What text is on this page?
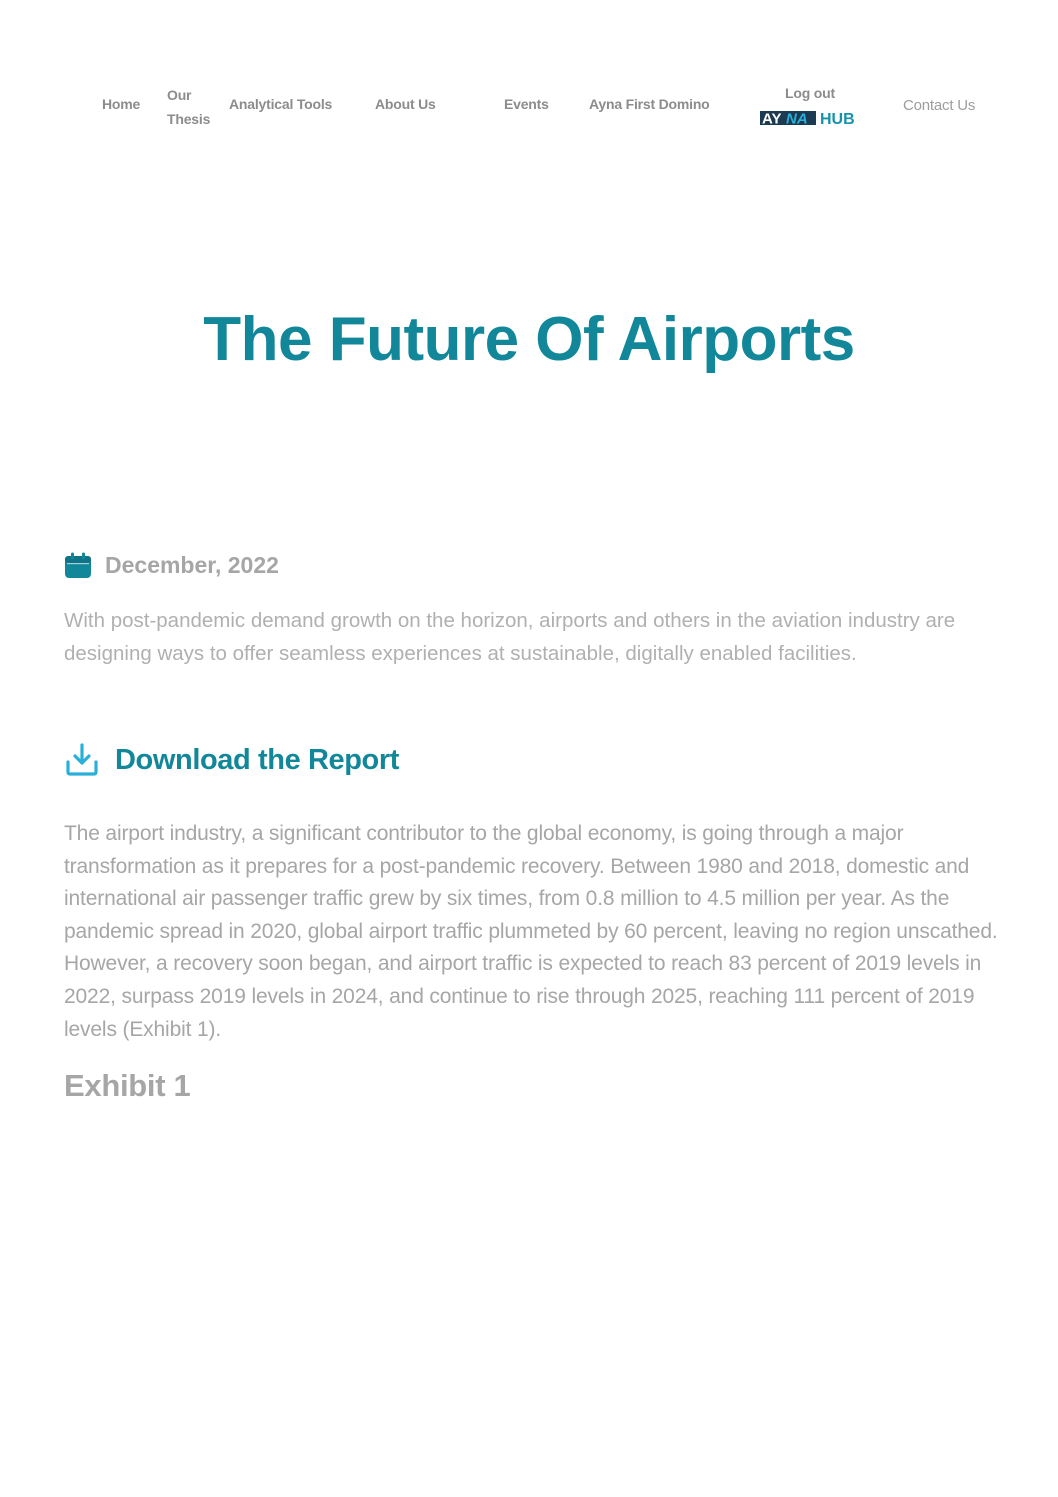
Home
Our Thesis
Analytical Tools	About Us	Events	Ayna First Domino
Log out
AY NA HUB
Contact Us
The Future Of Airports
December, 2022

With post-pandemic demand growth on the horizon, airports and others in the aviation industry are designing ways to offer seamless experiences at sustainable, digitally enabled facilities.

Download the Report

The airport industry, a significant contributor to the global economy, is going through a major transformation as it prepares for a post-pandemic recovery. Between 1980 and 2018, domestic and international air passenger traffic grew by six times, from 0.8 million to 4.5 million per year. As the pandemic spread in 2020, global airport traffic plummeted by 60 percent, leaving no region unscathed. However, a recovery soon began, and airport traffic is expected to reach 83 percent of 2019 levels in 2022, surpass 2019 levels in 2024, and continue to rise through 2025, reaching 111 percent of 2019 levels (Exhibit 1).

Exhibit 1
